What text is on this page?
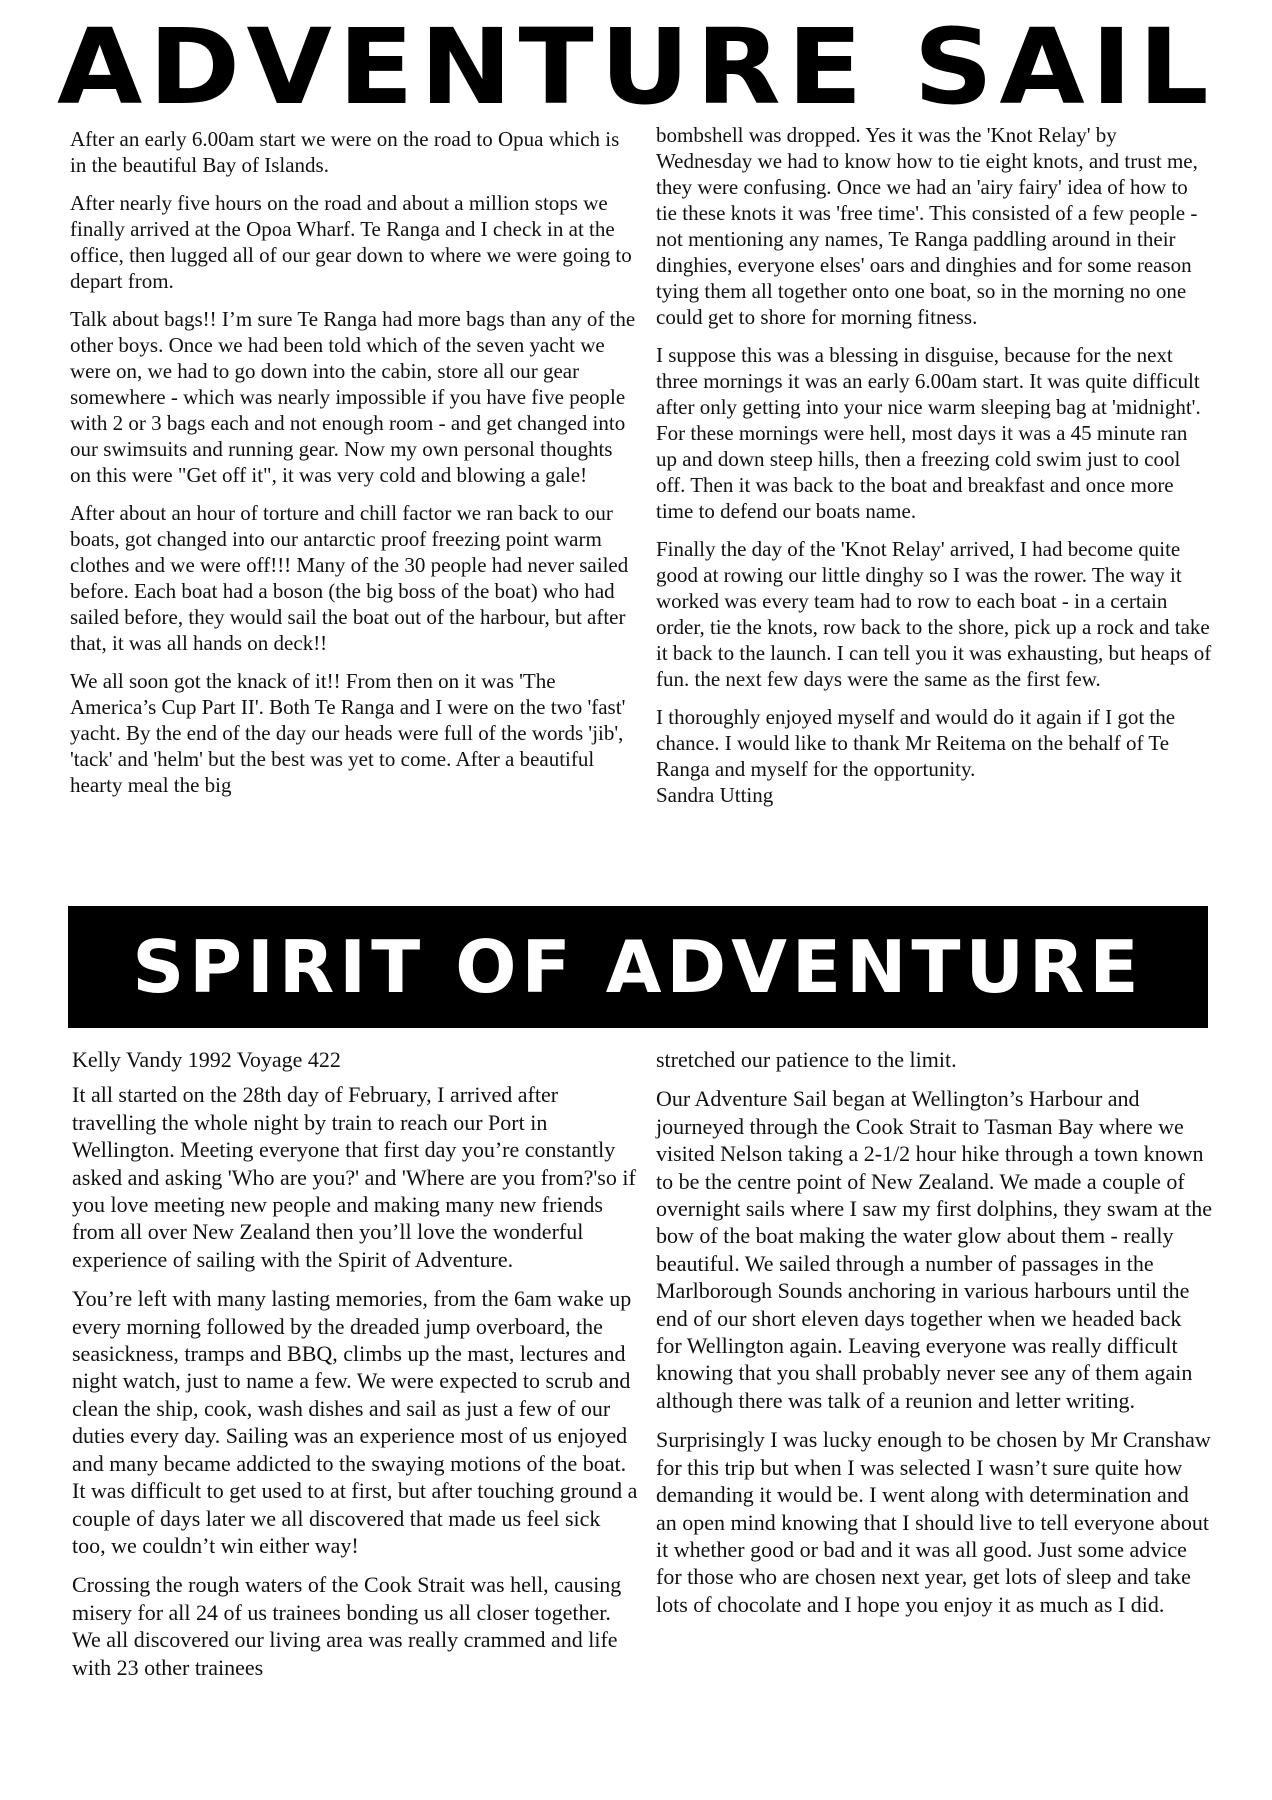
ADVENTURE SAIL

After an early 6.00am start we were on the road to Opua which is in the beautiful Bay of Islands.

After nearly five hours on the road and about a million stops we finally arrived at the Opoa Wharf. Te Ranga and I check in at the office, then lugged all of our gear down to where we were going to depart from.

Talk about bags!! I’m sure Te Ranga had more bags than any of the other boys. Once we had been told which of the seven yacht we were on, we had to go down into the cabin, store all our gear somewhere - which was nearly impossible if you have five people with 2 or 3 bags each and not enough room - and get changed into our swimsuits and running gear. Now my own personal thoughts on this were "Get off it", it was very cold and blowing a gale!

After about an hour of torture and chill factor we ran back to our boats, got changed into our antarctic proof freezing point warm clothes and we were off!!! Many of the 30 people had never sailed before. Each boat had a boson (the big boss of the boat) who had sailed before, they would sail the boat out of the harbour, but after that, it was all hands on deck!!

We all soon got the knack of it!! From then on it was 'The America’s Cup Part II'. Both Te Ranga and I were on the two 'fast' yacht. By the end of the day our heads were full of the words 'jib', 'tack' and 'helm' but the best was yet to come. After a beautiful hearty meal the big

bombshell was dropped. Yes it was the 'Knot Relay' by Wednesday we had to know how to tie eight knots, and trust me, they were confusing. Once we had an 'airy fairy' idea of how to tie these knots it was 'free time'. This consisted of a few people - not mentioning any names, Te Ranga paddling around in their dinghies, everyone elses' oars and dinghies and for some reason tying them all together onto one boat, so in the morning no one could get to shore for morning fitness.

I suppose this was a blessing in disguise, because for the next three mornings it was an early 6.00am start. It was quite difficult after only getting into your nice warm sleeping bag at 'midnight'. For these mornings were hell, most days it was a 45 minute ran up and down steep hills, then a freezing cold swim just to cool off. Then it was back to the boat and breakfast and once more time to defend our boats name.

Finally the day of the 'Knot Relay' arrived, I had become quite good at rowing our little dinghy so I was the rower. The way it worked was every team had to row to each boat - in a certain order, tie the knots, row back to the shore, pick up a rock and take it back to the launch. I can tell you it was exhausting, but heaps of fun. the next few days were the same as the first few.

I thoroughly enjoyed myself and would do it again if I got the chance. I would like to thank Mr Reitema on the behalf of Te Ranga and myself for the opportunity.

Sandra Utting
SPIRIT OF ADVENTURE
Kelly Vandy 1992 Voyage 422

It all started on the 28th day of February, I arrived after travelling the whole night by train to reach our Port in Wellington. Meeting everyone that first day you’re constantly asked and asking 'Who are you?' and 'Where are you from?'so if you love meeting new people and making many new friends from all over New Zealand then you’ll love the wonderful experience of sailing with the Spirit of Adventure.

You’re left with many lasting memories, from the 6am wake up every morning followed by the dreaded jump overboard, the seasickness, tramps and BBQ, climbs up the mast, lectures and night watch, just to name a few. We were expected to scrub and clean the ship, cook, wash dishes and sail as just a few of our duties every day. Sailing was an experience most of us enjoyed and many became addicted to the swaying motions of the boat. It was difficult to get used to at first, but after touching ground a couple of days later we all discovered that made us feel sick too, we couldn’t win either way!

Crossing the rough waters of the Cook Strait was hell, causing misery for all 24 of us trainees bonding us all closer together. We all discovered our living area was really crammed and life with 23 other trainees

stretched our patience to the limit.

Our Adventure Sail began at Wellington’s Harbour and journeyed through the Cook Strait to Tasman Bay where we visited Nelson taking a 2-1/2 hour hike through a town known to be the centre point of New Zealand. We made a couple of overnight sails where I saw my first dolphins, they swam at the bow of the boat making the water glow about them - really beautiful. We sailed through a number of passages in the Marlborough Sounds anchoring in various harbours until the end of our short eleven days together when we headed back for Wellington again. Leaving everyone was really difficult knowing that you shall probably never see any of them again although there was talk of a reunion and letter writing.

Surprisingly I was lucky enough to be chosen by Mr Cranshaw for this trip but when I was selected I wasn’t sure quite how demanding it would be. I went along with determination and an open mind knowing that I should live to tell everyone about it whether good or bad and it was all good. Just some advice for those who are chosen next year, get lots of sleep and take lots of chocolate and I hope you enjoy it as much as I did.
